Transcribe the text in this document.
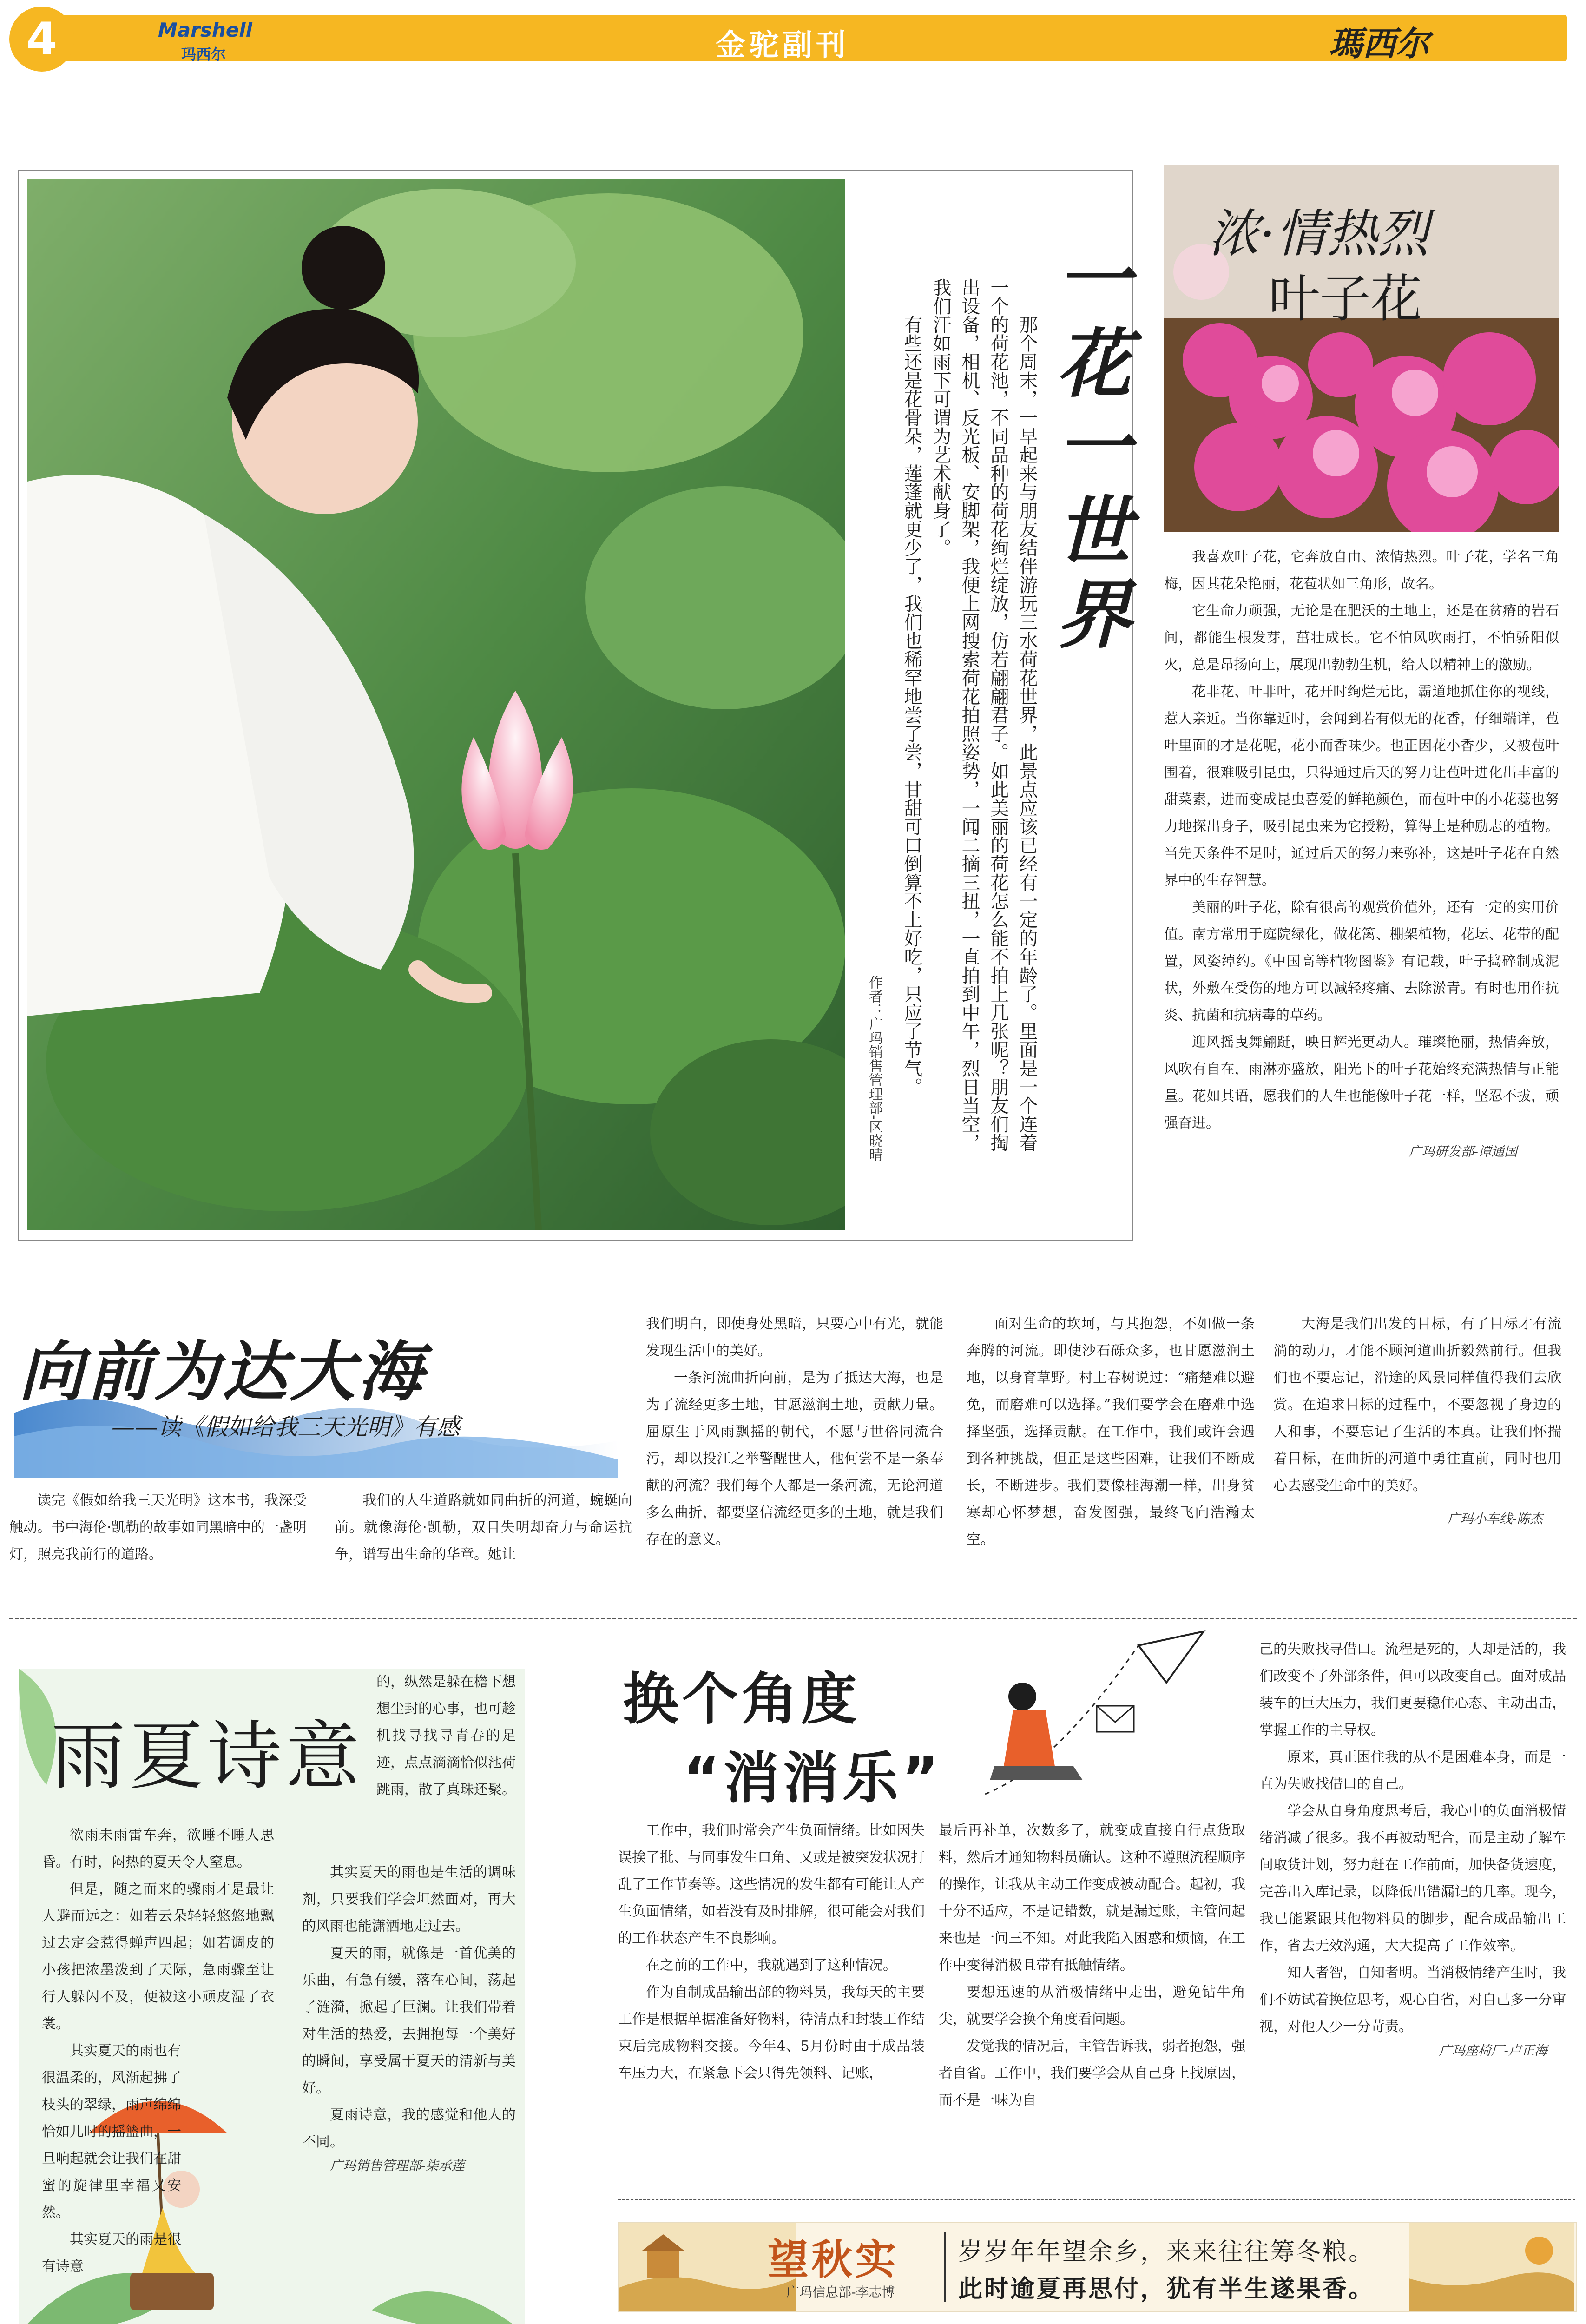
4	Marshell
玛西尔	金驼副刊	瑪西尔
一花一世界

那个周末，一早起来与朋友结伴游玩三水荷花世界，此景点应该已经有一定的年龄了。里面是一个连着一个的荷花池，不同品种的荷花绚烂绽放，仿若翩翩君子。如此美丽的荷花怎么能不拍上几张呢？朋友们掏出设备，相机、反光板、安脚架，我便上网搜索荷花拍照姿势，一闻二摘三扭，一直拍到中午，烈日当空，我们汗如雨下可谓为艺术献身了。

有些还是花骨朵，莲蓬就更少了，我们也稀罕地尝了尝，甘甜可口倒算不上好吃，只应了节气。

作者：广玛销售管理部-区晓晴
浓·情热烈
叶子花

我喜欢叶子花，它奔放自由、浓情热烈。叶子花，学名三角梅，因其花朵艳丽，花苞状如三角形，故名。

它生命力顽强，无论是在肥沃的土地上，还是在贫瘠的岩石间，都能生根发芽，茁壮成长。它不怕风吹雨打，不怕骄阳似火，总是昂扬向上，展现出勃勃生机，给人以精神上的激励。

花非花、叶非叶，花开时绚烂无比，霸道地抓住你的视线，惹人亲近。当你靠近时，会闻到若有似无的花香，仔细端详，苞叶里面的才是花呢，花小而香味少。也正因花小香少，又被苞叶围着，很难吸引昆虫，只得通过后天的努力让苞叶进化出丰富的甜菜素，进而变成昆虫喜爱的鲜艳颜色，而苞叶中的小花蕊也努力地探出身子，吸引昆虫来为它授粉，算得上是种励志的植物。当先天条件不足时，通过后天的努力来弥补，这是叶子花在自然界中的生存智慧。

美丽的叶子花，除有很高的观赏价值外，还有一定的实用价值。南方常用于庭院绿化，做花篱、棚架植物，花坛、花带的配置，风姿绰约。《中国高等植物图鉴》有记载，叶子捣碎制成泥状，外敷在受伤的地方可以减轻疼痛、去除淤青。有时也用作抗炎、抗菌和抗病毒的草药。

迎风摇曳舞翩跹，映日辉光更动人。璀璨艳丽，热情奔放，风吹有自在，雨淋亦盛放，阳光下的叶子花始终充满热情与正能量。花如其语，愿我们的人生也能像叶子花一样，坚忍不拔，顽强奋进。

广玛研发部-谭通国
向前为达大海
——读《假如给我三天光明》有感

读完《假如给我三天光明》这本书，我深受触动。书中海伦·凯勒的故事如同黑暗中的一盏明灯，照亮我前行的道路。

我们的人生道路就如同曲折的河道，蜿蜒向前。就像海伦·凯勒，双目失明却奋力与命运抗争，谱写出生命的华章。她让

我们明白，即使身处黑暗，只要心中有光，就能发现生活中的美好。

一条河流曲折向前，是为了抵达大海，也是为了流经更多土地，甘愿滋润土地，贡献力量。屈原生于风雨飘摇的朝代，不愿与世俗同流合污，却以投江之举警醒世人，他何尝不是一条奉献的河流？我们每个人都是一条河流，无论河道多么曲折，都要坚信流经更多的土地，就是我们存在的意义。

面对生命的坎坷，与其抱怨，不如做一条奔腾的河流。即使沙石砾众多，也甘愿滋润土地，以身育草野。村上春树说过：“痛楚难以避免，而磨难可以选择。”我们要学会在磨难中选择坚强，选择贡献。在工作中，我们或许会遇到各种挑战，但正是这些困难，让我们不断成长，不断进步。我们要像桂海潮一样，出身贫寒却心怀梦想，奋发图强，最终飞向浩瀚太空。

大海是我们出发的目标，有了目标才有流淌的动力，才能不顾河道曲折毅然前行。但我们也不要忘记，沿途的风景同样值得我们去欣赏。在追求目标的过程中，不要忽视了身边的人和事，不要忘记了生活的本真。让我们怀揣着目标，在曲折的河道中勇往直前，同时也用心去感受生命中的美好。

广玛小车线-陈杰
雨夏诗意

的，纵然是躲在檐下想想尘封的心事，也可趁机找寻找寻青春的足迹，点点滴滴恰似池荷跳雨，散了真珠还聚。

欲雨未雨雷车奔，欲睡不睡人思昏。有时，闷热的夏天令人窒息。

但是，随之而来的骤雨才是最让人避而远之：如若云朵轻轻悠悠地飘过去定会惹得蝉声四起；如若调皮的小孩把浓墨泼到了天际，急雨骤至让行人躲闪不及，便被这小顽皮湿了衣裳。

其实夏天的雨也有很温柔的，风渐起拂了枝头的翠绿，雨声绵绵恰如儿时的摇篮曲，一旦响起就会让我们在甜蜜的旋律里幸福又安然。

其实夏天的雨是很有诗意

其实夏天的雨也是生活的调味剂，只要我们学会坦然面对，再大的风雨也能潇洒地走过去。

夏天的雨，就像是一首优美的乐曲，有急有缓，落在心间，荡起了涟漪，掀起了巨澜。让我们带着对生活的热爱，去拥抱每一个美好的瞬间，享受属于夏天的清新与美好。

夏雨诗意，我的感觉和他人的不同。

广玛销售管理部-柒承莲
换个角度
“消消乐”

工作中，我们时常会产生负面情绪。比如因失误挨了批、与同事发生口角、又或是被突发状况打乱了工作节奏等。这些情况的发生都有可能让人产生负面情绪，如若没有及时排解，很可能会对我们的工作状态产生不良影响。

在之前的工作中，我就遇到了这种情况。

作为自制成品输出部的物料员，我每天的主要工作是根据单据准备好物料，待清点和封装工作结束后完成物料交接。今年4、5月份时由于成品装车压力大，在紧急下会只得先领料、记账，

最后再补单，次数多了，就变成直接自行点货取料，然后才通知物料员确认。这种不遵照流程顺序的操作，让我从主动工作变成被动配合。起初，我十分不适应，不是记错数，就是漏过账，主管问起来也是一问三不知。对此我陷入困惑和烦恼，在工作中变得消极且带有抵触情绪。

要想迅速的从消极情绪中走出，避免钻牛角尖，就要学会换个角度看问题。

发觉我的情况后，主管告诉我，弱者抱怨，强者自省。工作中，我们要学会从自己身上找原因，而不是一味为自

己的失败找寻借口。流程是死的，人却是活的，我们改变不了外部条件，但可以改变自己。面对成品装车的巨大压力，我们更要稳住心态、主动出击，掌握工作的主导权。

原来，真正困住我的从不是困难本身，而是一直为失败找借口的自己。

学会从自身角度思考后，我心中的负面消极情绪消减了很多。我不再被动配合，而是主动了解车间取货计划，努力赶在工作前面，加快备货速度，完善出入库记录，以降低出错漏记的几率。现今，我已能紧跟其他物料员的脚步，配合成品输出工作，省去无效沟通，大大提高了工作效率。

知人者智，自知者明。当消极情绪产生时，我们不妨试着换位思考，观心自省，对自己多一分审视，对他人少一分苛责。

广玛座椅厂-卢正海
望秋实
广玛信息部-李志博
岁岁年年望余乡，来来往往筹冬粮。
此时逾夏再思付，犹有半生遂果香。
